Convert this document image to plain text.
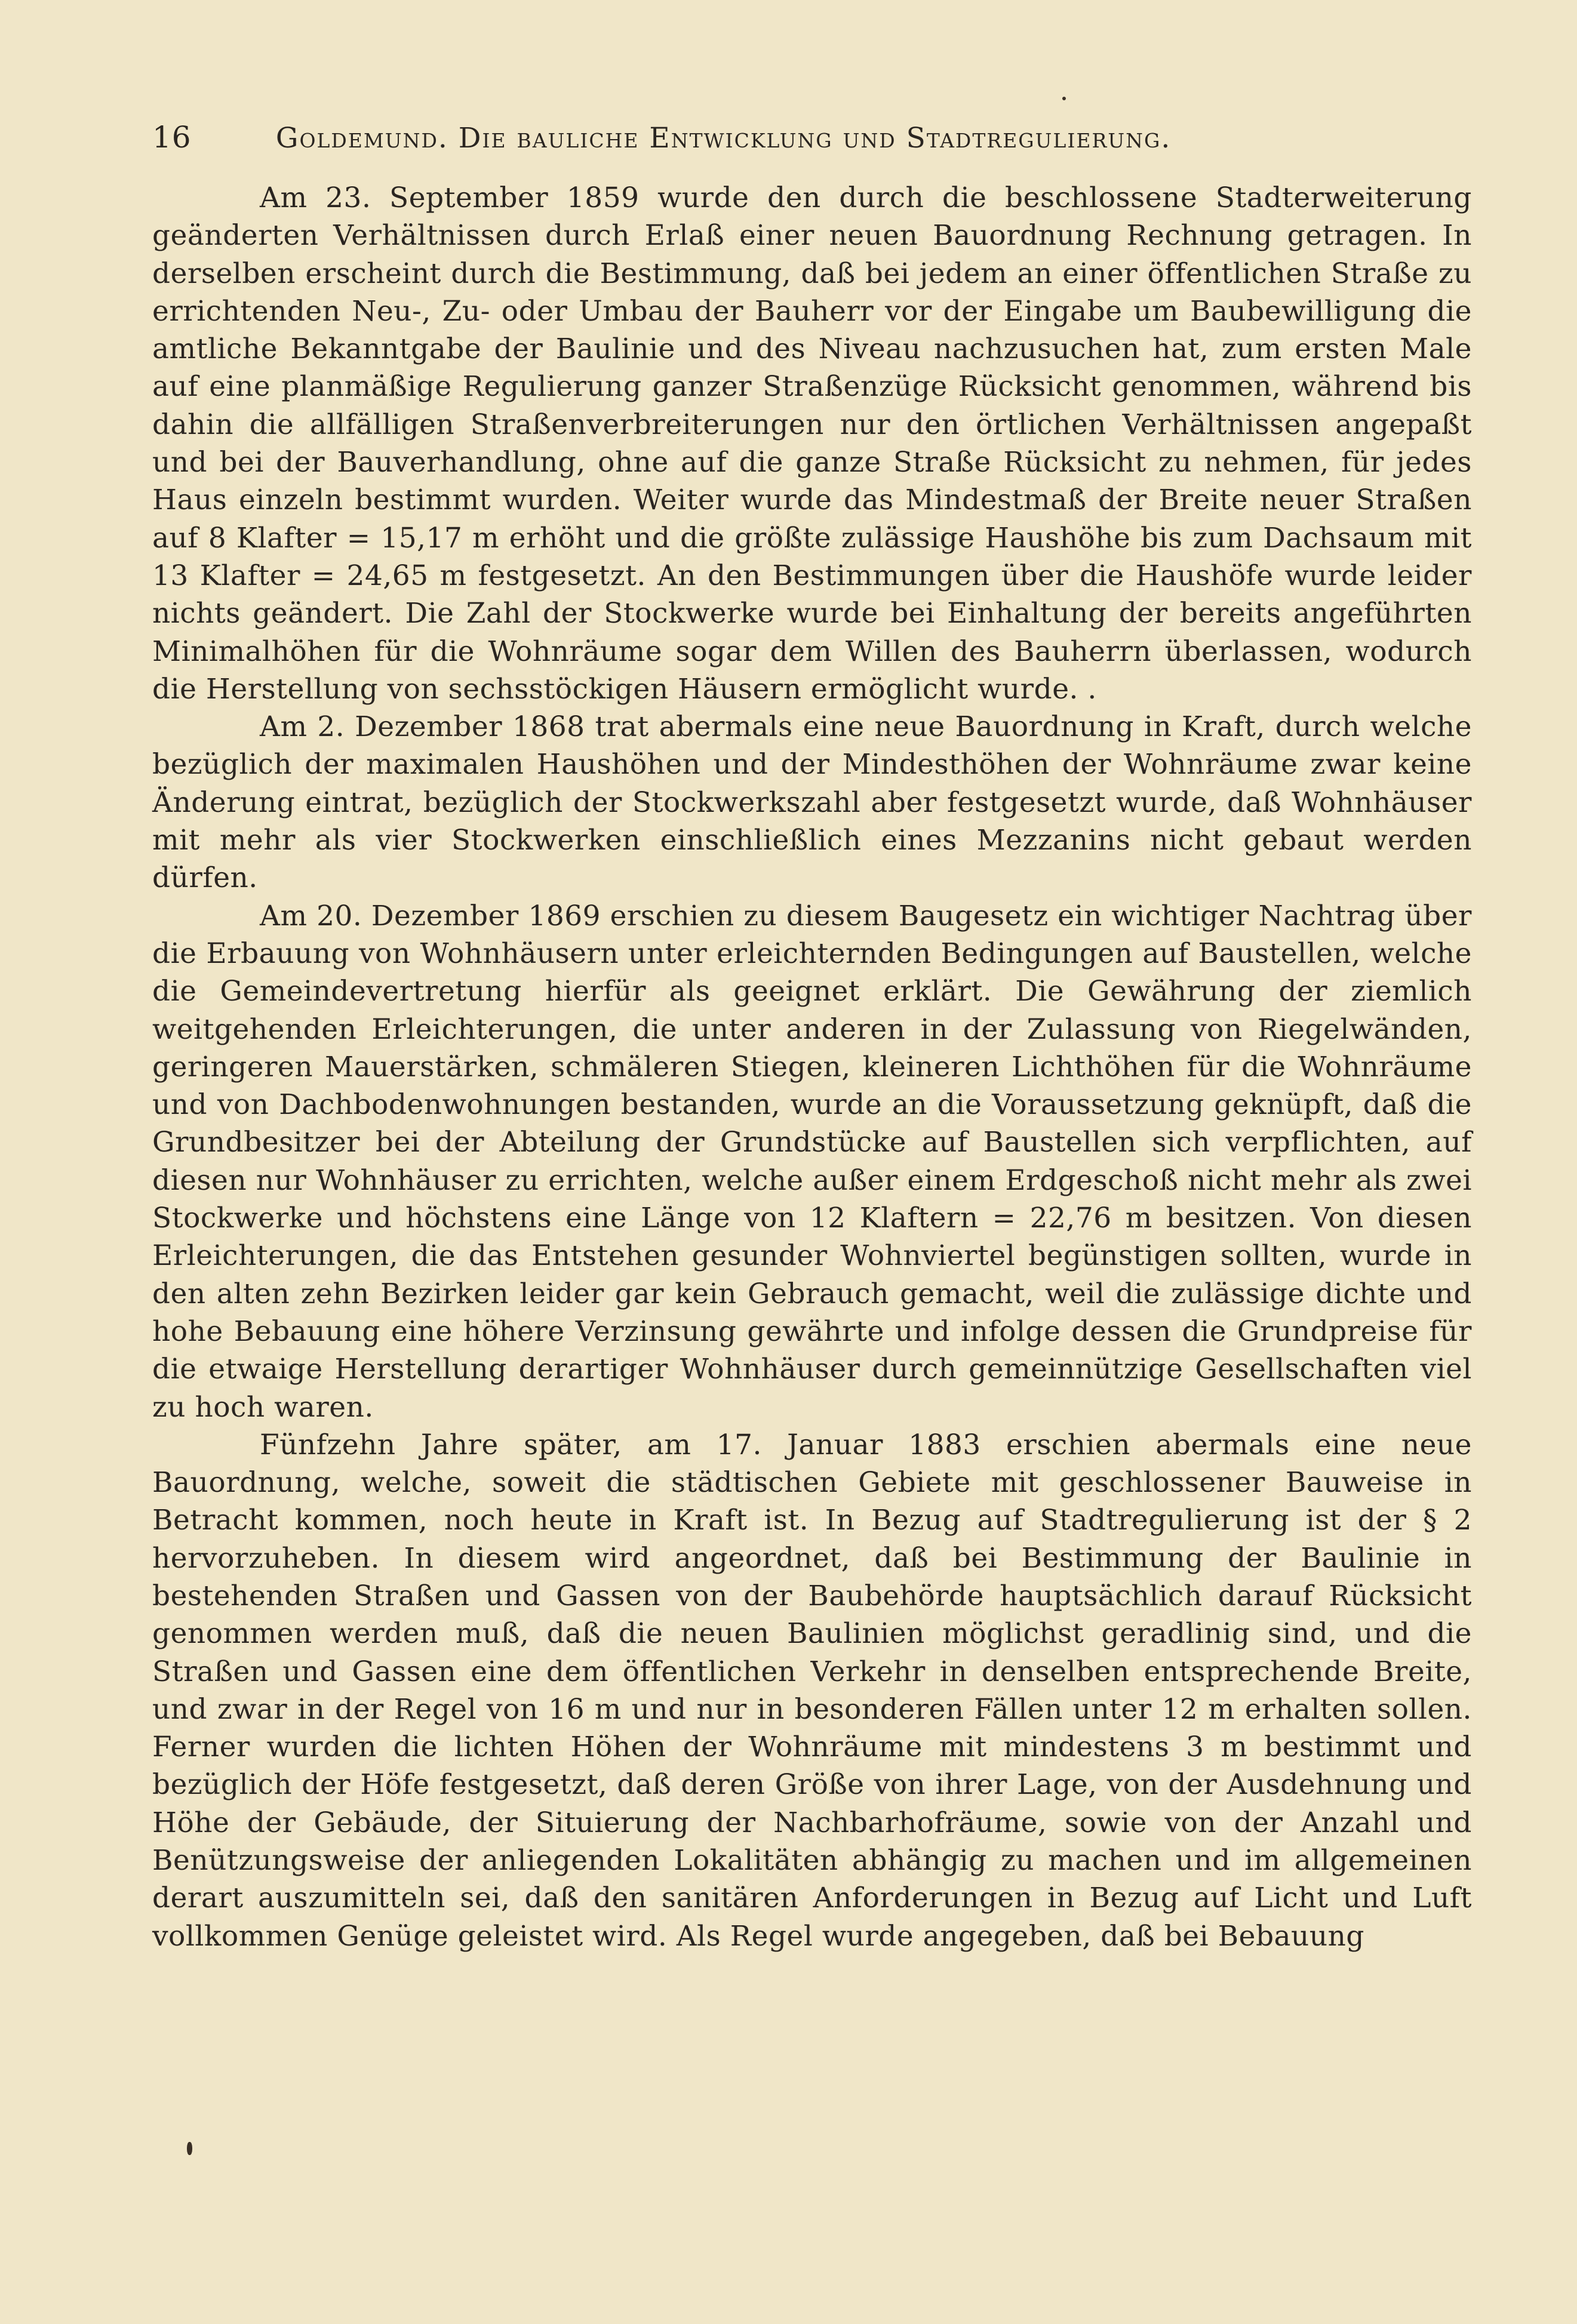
16	Goldemund. Die bauliche Entwicklung und Stadtregulierung.

Am 23. September 1859 wurde den durch die beschlossene Stadterweiterung geänderten Verhältnissen durch Erlaß einer neuen Bauordnung Rechnung getragen. In derselben erscheint durch die Bestimmung, daß bei jedem an einer öffentlichen Straße zu errichtenden Neu-, Zu- oder Umbau der Bauherr vor der Eingabe um Baubewilligung die amtliche Bekanntgabe der Baulinie und des Niveau nachzusuchen hat, zum ersten Male auf eine planmäßige Regulierung ganzer Straßenzüge Rücksicht genommen, während bis dahin die allfälligen Straßenverbreiterungen nur den örtlichen Verhältnissen angepaßt und bei der Bauverhandlung, ohne auf die ganze Straße Rücksicht zu nehmen, für jedes Haus einzeln bestimmt wurden. Weiter wurde das Mindestmaß der Breite neuer Straßen auf 8 Klafter = 15,17 m erhöht und die größte zulässige Haushöhe bis zum Dachsaum mit 13 Klafter = 24,65 m festgesetzt. An den Bestimmungen über die Haushöfe wurde leider nichts geändert. Die Zahl der Stockwerke wurde bei Einhaltung der bereits angeführten Minimalhöhen für die Wohnräume sogar dem Willen des Bauherrn überlassen, wodurch die Herstellung von sechsstöckigen Häusern ermöglicht wurde. .

Am 2. Dezember 1868 trat abermals eine neue Bauordnung in Kraft, durch welche bezüglich der maximalen Haushöhen und der Mindesthöhen der Wohnräume zwar keine Änderung eintrat, bezüglich der Stockwerkszahl aber festgesetzt wurde, daß Wohnhäuser mit mehr als vier Stockwerken einschließlich eines Mezzanins nicht gebaut werden dürfen.

Am 20. Dezember 1869 erschien zu diesem Baugesetz ein wichtiger Nachtrag über die Erbauung von Wohnhäusern unter erleichternden Bedingungen auf Baustellen, welche die Gemeindevertretung hierfür als geeignet erklärt. Die Gewährung der ziemlich weitgehenden Erleichterungen, die unter anderen in der Zulassung von Riegelwänden, geringeren Mauerstärken, schmäleren Stiegen, kleineren Lichthöhen für die Wohnräume und von Dachbodenwohnungen bestanden, wurde an die Voraussetzung geknüpft, daß die Grundbesitzer bei der Abteilung der Grundstücke auf Baustellen sich verpflichten, auf diesen nur Wohnhäuser zu errichten, welche außer einem Erdgeschoß nicht mehr als zwei Stockwerke und höchstens eine Länge von 12 Klaftern = 22,76 m besitzen. Von diesen Erleichterungen, die das Entstehen gesunder Wohnviertel begünstigen sollten, wurde in den alten zehn Bezirken leider gar kein Gebrauch gemacht, weil die zulässige dichte und hohe Bebauung eine höhere Verzinsung gewährte und infolge dessen die Grundpreise für die etwaige Herstellung derartiger Wohnhäuser durch gemeinnützige Gesellschaften viel zu hoch waren.

Fünfzehn Jahre später, am 17. Januar 1883 erschien abermals eine neue Bauordnung, welche, soweit die städtischen Gebiete mit geschlossener Bauweise in Betracht kommen, noch heute in Kraft ist. In Bezug auf Stadtregulierung ist der § 2 hervorzuheben. In diesem wird angeordnet, daß bei Bestimmung der Baulinie in bestehenden Straßen und Gassen von der Baubehörde hauptsächlich darauf Rücksicht genommen werden muß, daß die neuen Baulinien möglichst geradlinig sind, und die Straßen und Gassen eine dem öffentlichen Verkehr in denselben entsprechende Breite, und zwar in der Regel von 16 m und nur in besonderen Fällen unter 12 m erhalten sollen. Ferner wurden die lichten Höhen der Wohnräume mit mindestens 3 m bestimmt und bezüglich der Höfe festgesetzt, daß deren Größe von ihrer Lage, von der Ausdehnung und Höhe der Gebäude, der Situierung der Nachbarhofräume, sowie von der Anzahl und Benützungsweise der anliegenden Lokalitäten abhängig zu machen und im allgemeinen derart auszumitteln sei, daß den sanitären Anforderungen in Bezug auf Licht und Luft vollkommen Genüge geleistet wird. Als Regel wurde angegeben, daß bei Bebauung
